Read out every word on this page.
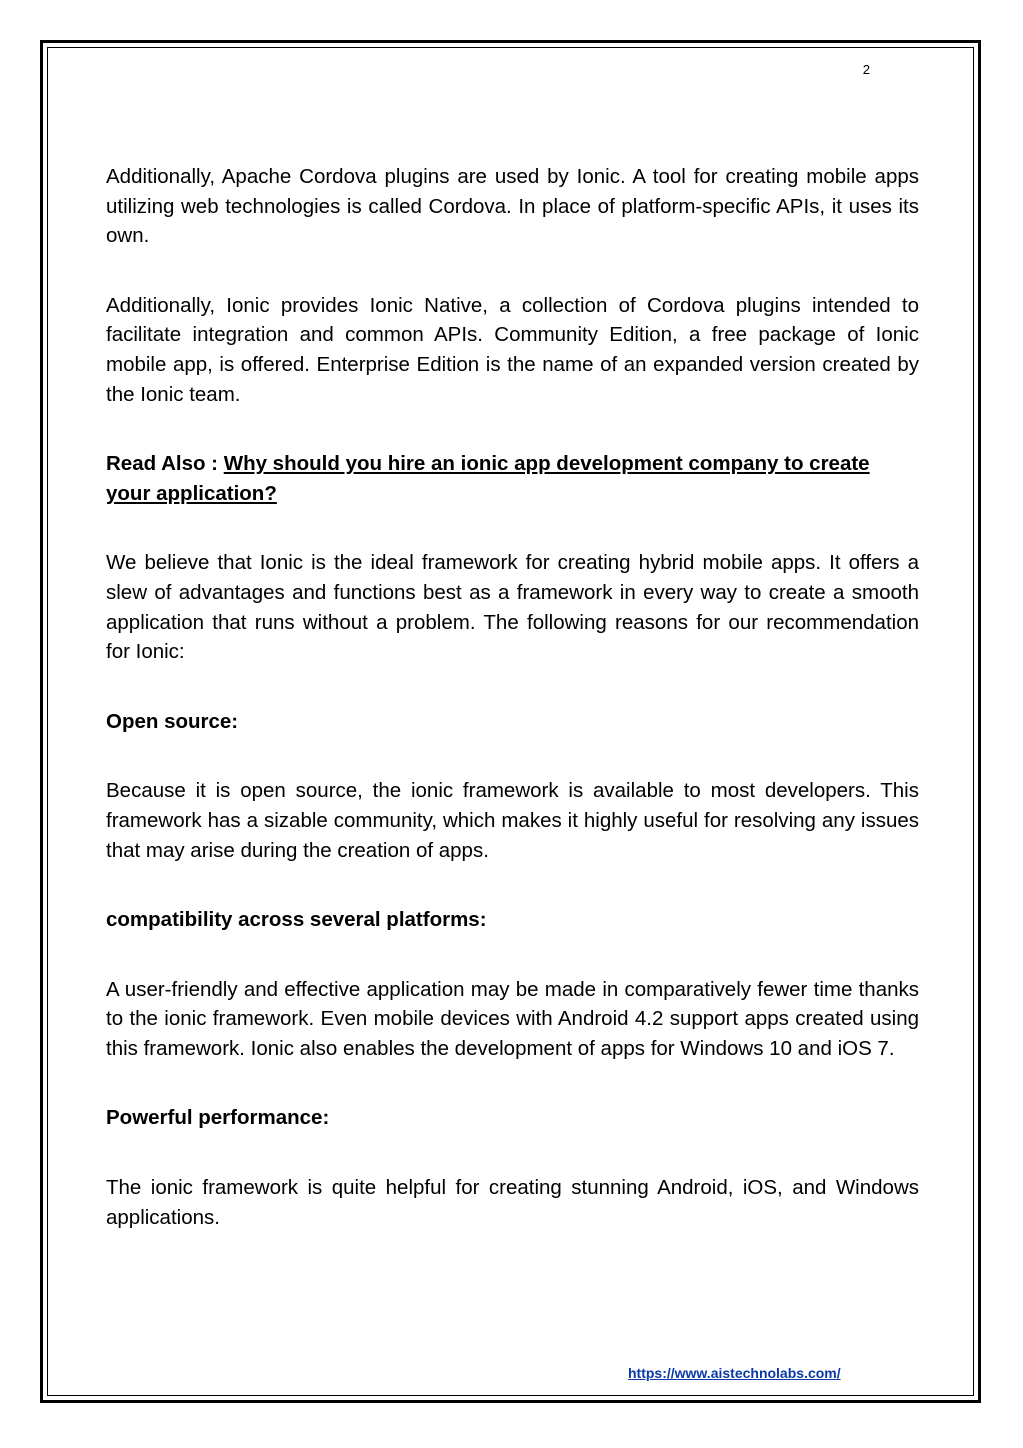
2

Additionally, Apache Cordova plugins are used by Ionic. A tool for creating mobile apps utilizing web technologies is called Cordova. In place of platform-specific APIs, it uses its own.

Additionally, Ionic provides Ionic Native, a collection of Cordova plugins intended to facilitate integration and common APIs. Community Edition, a free package of Ionic mobile app, is offered. Enterprise Edition is the name of an expanded version created by the Ionic team.

Read Also : Why should you hire an ionic app development company to create your application?

We believe that Ionic is the ideal framework for creating hybrid mobile apps. It offers a slew of advantages and functions best as a framework in every way to create a smooth application that runs without a problem. The following reasons for our recommendation for Ionic:

Open source:

Because it is open source, the ionic framework is available to most developers. This framework has a sizable community, which makes it highly useful for resolving any issues that may arise during the creation of apps.

compatibility across several platforms:

A user-friendly and effective application may be made in comparatively fewer time thanks to the ionic framework. Even mobile devices with Android 4.2 support apps created using this framework. Ionic also enables the development of apps for Windows 10 and iOS 7.

Powerful performance:

The ionic framework is quite helpful for creating stunning Android, iOS, and Windows applications.

https://www.aistechnolabs.com/
